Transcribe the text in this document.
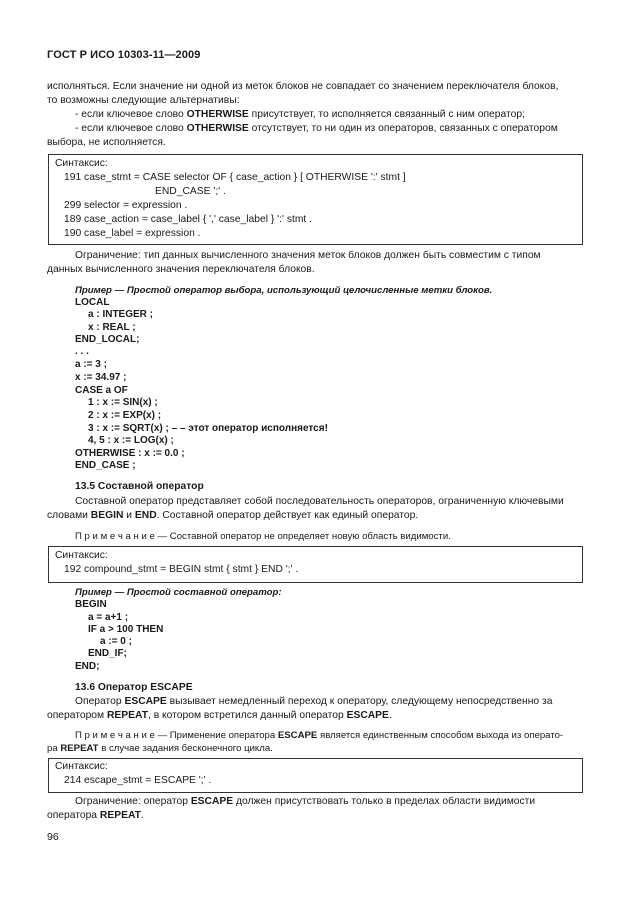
ГОСТ Р ИСО 10303-11—2009
исполняться. Если значение ни одной из меток блоков не совпадает со значением переключателя блоков,
то возможны следующие альтернативы:
- если ключевое слово OTHERWISE присутствует, то исполняется связанный с ним оператор;
- если ключевое слово OTHERWISE отсутствует, то ни один из операторов, связанных с оператором
выбора, не исполняется.
Синтаксис:
191 case_stmt = CASE selector OF { case_action } [ OTHERWISE ':' stmt ]
END_CASE ';' .
299 selector = expression .
189 case_action = case_label { ',' case_label } ':' stmt .
190 case_label = expression .
Ограничение: тип данных вычисленного значения меток блоков должен быть совместим с типом
данных вычисленного значения переключателя блоков.
Пример — Простой оператор выбора, использующий целочисленные метки блоков.
LOCAL
a : INTEGER ;
x : REAL ;
END_LOCAL;
. . .
a := 3 ;
x := 34.97 ;
CASE a OF
1 : x := SIN(x) ;
2 : x := EXP(x) ;
3 : x := SQRT(x) ; – – этот оператор исполняется!
4, 5 : x := LOG(x) ;
OTHERWISE : x := 0.0 ;
END_CASE ;
13.5 Составной оператор
Составной оператор представляет собой последовательность операторов, ограниченную ключевыми
словами BEGIN и END. Составной оператор действует как единый оператор.
П р и м е ч а н и е — Составной оператор не определяет новую область видимости.
Синтаксис:
192 compound_stmt = BEGIN stmt { stmt } END ';' .
Пример — Простой составной оператор:
BEGIN
a = a+1 ;
IF a > 100 THEN
a := 0 ;
END_IF;
END;
13.6 Оператор ESCAPE
Оператор ESCAPE вызывает немедленный переход к оператору, следующему непосредственно за
оператором REPEAT, в котором встретился данный оператор ESCAPE.
П р и м е ч а н и е — Применение оператора ESCAPE является единственным способом выхода из операто-
ра REPEAT в случае задания бесконечного цикла.
Синтаксис:
214 escape_stmt = ESCAPE ';' .
Ограничение: оператор ESCAPE должен присутствовать только в пределах области видимости
оператора REPEAT.
96
